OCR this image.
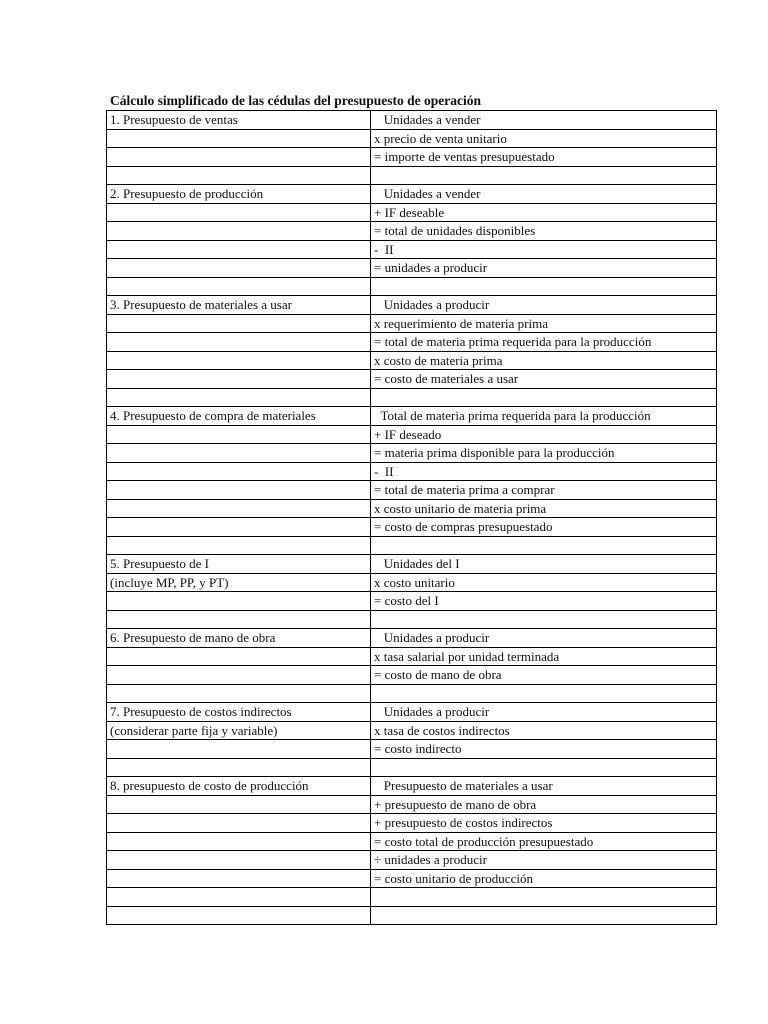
Cálculo simplificado de las cédulas del presupuesto de operación
1. Presupuesto de ventas	Unidades a vender
	x precio de venta unitario
	= importe de ventas presupuestado

2. Presupuesto de producción	Unidades a vender
	+ IF deseable
	= total de unidades disponibles
	-  II
	= unidades a producir

3. Presupuesto de materiales a usar	Unidades a producir
	x requerimiento de materia prima
	= total de materia prima requerida para la producción
	x costo de materia prima
	= costo de materiales a usar

4. Presupuesto de compra de materiales	Total de materia prima requerida para la producción
	+ IF deseado
	= materia prima disponible para la producción
	-  II
	= total de materia prima a comprar
	x costo unitario de materia prima
	= costo de compras presupuestado

5. Presupuesto de I	Unidades del I
(incluye MP, PP, y PT)	x costo unitario
	= costo del I

6. Presupuesto de mano de obra	Unidades a producir
	x tasa salarial por unidad terminada
	= costo de mano de obra

7. Presupuesto de costos indirectos	Unidades a producir
(considerar parte fija y variable)	x tasa de costos indirectos
	= costo indirecto

8. presupuesto de costo de producción	Presupuesto de materiales a usar
	+ presupuesto de mano de obra
	+ presupuesto de costos indirectos
	= costo total de producción presupuestado
	÷ unidades a producir
	= costo unitario de producción
